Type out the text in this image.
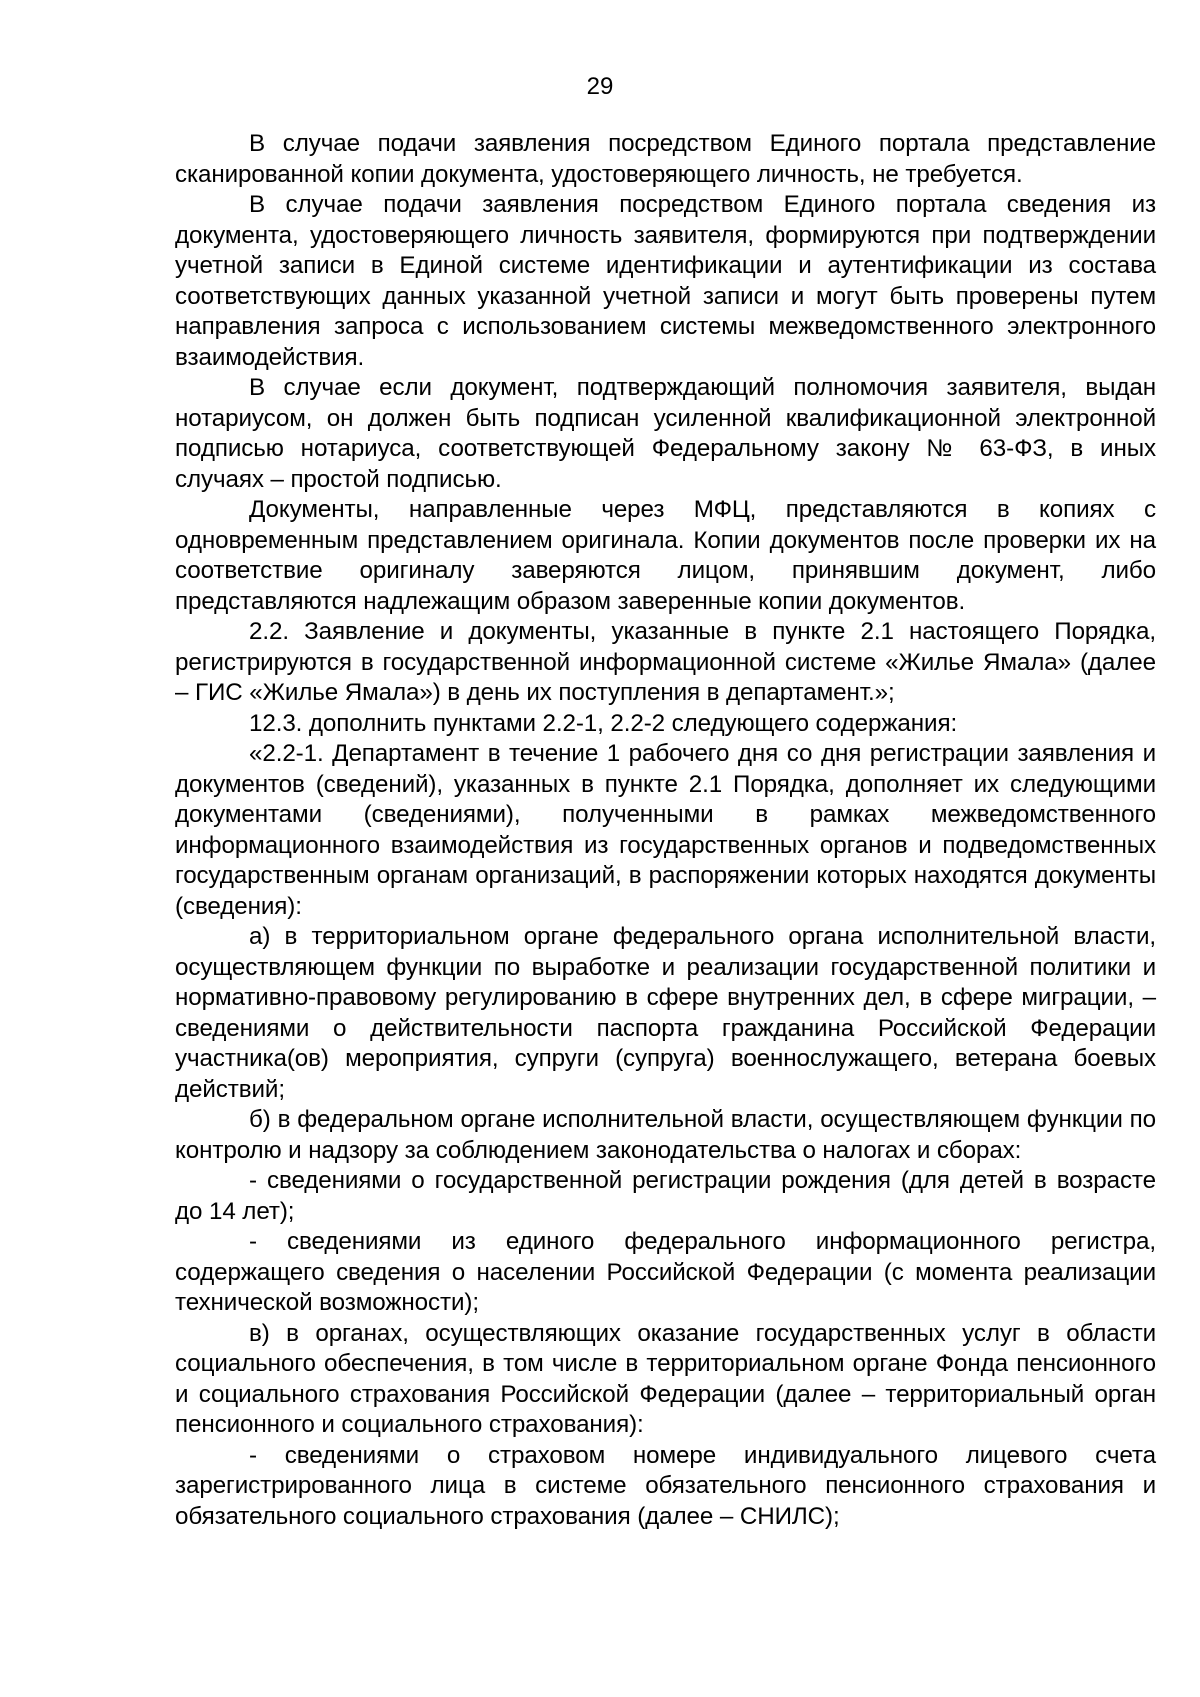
29

В случае подачи заявления посредством Единого портала представление сканированной копии документа, удостоверяющего личность, не требуется.

В случае подачи заявления посредством Единого портала сведения из документа, удостоверяющего личность заявителя, формируются при подтверждении учетной записи в Единой системе идентификации и аутентификации из состава соответствующих данных указанной учетной записи и могут быть проверены путем направления запроса с использованием системы межведомственного электронного взаимодействия.

В случае если документ, подтверждающий полномочия заявителя, выдан нотариусом, он должен быть подписан усиленной квалификационной электронной подписью нотариуса, соответствующей Федеральному закону № 63-ФЗ, в иных случаях – простой подписью.

Документы, направленные через МФЦ, представляются в копиях с одновременным представлением оригинала. Копии документов после проверки их на соответствие оригиналу заверяются лицом, принявшим документ, либо представляются надлежащим образом заверенные копии документов.

2.2. Заявление и документы, указанные в пункте 2.1 настоящего Порядка, регистрируются в государственной информационной системе «Жилье Ямала» (далее – ГИС «Жилье Ямала») в день их поступления в департамент.»;

12.3. дополнить пунктами 2.2-1, 2.2-2 следующего содержания:

«2.2-1. Департамент в течение 1 рабочего дня со дня регистрации заявления и документов (сведений), указанных в пункте 2.1 Порядка, дополняет их следующими документами (сведениями), полученными в рамках межведомственного информационного взаимодействия из государственных органов и подведомственных государственным органам организаций, в распоряжении которых находятся документы (сведения):

а) в территориальном органе федерального органа исполнительной власти, осуществляющем функции по выработке и реализации государственной политики и нормативно-правовому регулированию в сфере внутренних дел, в сфере миграции, – сведениями о действительности паспорта гражданина Российской Федерации участника(ов) мероприятия, супруги (супруга) военнослужащего, ветерана боевых действий;

б) в федеральном органе исполнительной власти, осуществляющем функции по контролю и надзору за соблюдением законодательства о налогах и сборах:

- сведениями о государственной регистрации рождения (для детей в возрасте до 14 лет);

- сведениями из единого федерального информационного регистра, содержащего сведения о населении Российской Федерации (с момента реализации технической возможности);

в) в органах, осуществляющих оказание государственных услуг в области социального обеспечения, в том числе в территориальном органе Фонда пенсионного и социального страхования Российской Федерации (далее – территориальный орган пенсионного и социального страхования):

- сведениями о страховом номере индивидуального лицевого счета зарегистрированного лица в системе обязательного пенсионного страхования и обязательного социального страхования (далее – СНИЛС);
